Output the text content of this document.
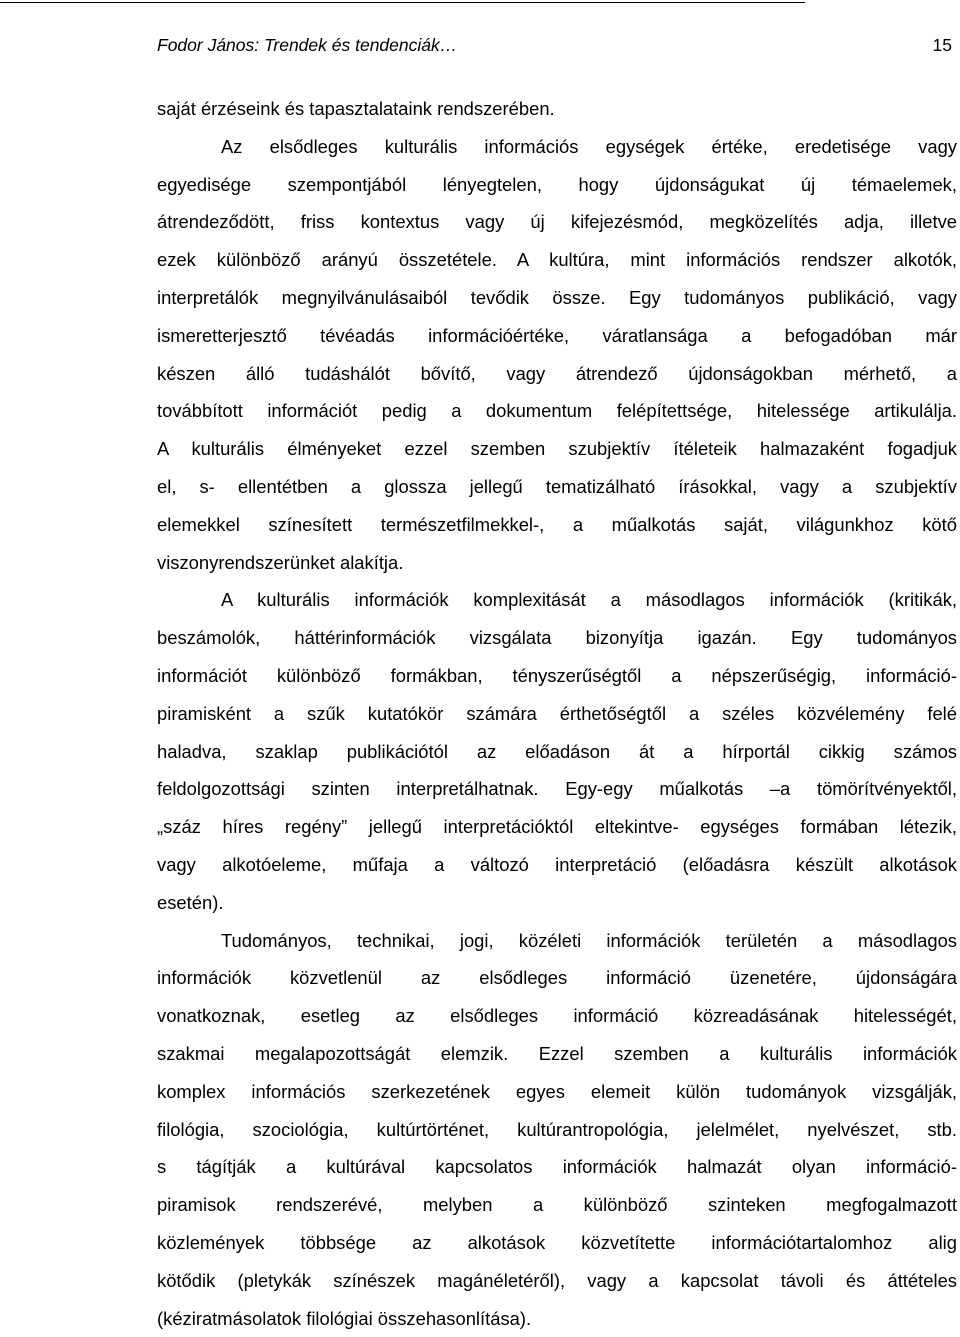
Fodor János: Trendek és tendenciák…	15
saját érzéseink és tapasztalataink rendszerében.
Az elsődleges kulturális információs egységek értéke, eredetisége vagy
egyedisége szempontjából lényegtelen, hogy újdonságukat új témaelemek,
átrendeződött, friss kontextus vagy új kifejezésmód, megközelítés adja, illetve
ezek különböző arányú összetétele. A kultúra, mint információs rendszer alkotók,
interpretálók megnyilvánulásaiból tevődik össze. Egy tudományos publikáció, vagy
ismeretterjesztő tévéadás információértéke, váratlansága a befogadóban már
készen álló tudáshálót bővítő, vagy átrendező újdonságokban mérhető, a
továbbított információt pedig a dokumentum felépítettsége, hitelessége artikulálja.
A kulturális élményeket ezzel szemben szubjektív ítéleteik halmazaként fogadjuk
el, s- ellentétben a glossza jellegű tematizálható írásokkal, vagy a szubjektív
elemekkel színesített természetfilmekkel-, a műalkotás saját, világunkhoz kötő
viszonyrendszerünket alakítja.
A kulturális információk komplexitását a másodlagos információk (kritikák,
beszámolók, háttérinformációk vizsgálata bizonyítja igazán. Egy tudományos
információt különböző formákban, tényszerűségtől a népszerűségig, információ-
piramisként a szűk kutatókör számára érthetőségtől a széles közvélemény felé
haladva, szaklap publikációtól az előadáson át a hírportál cikkig számos
feldolgozottsági szinten interpretálhatnak. Egy-egy műalkotás –a tömörítvényektől,
„száz híres regény” jellegű interpretációktól eltekintve- egységes formában létezik,
vagy alkotóeleme, műfaja a változó interpretáció (előadásra készült alkotások
esetén).
Tudományos, technikai, jogi, közéleti információk területén a másodlagos
információk közvetlenül az elsődleges információ üzenetére, újdonságára
vonatkoznak, esetleg az elsődleges információ közreadásának hitelességét,
szakmai megalapozottságát elemzik. Ezzel szemben a kulturális információk
komplex információs szerkezetének egyes elemeit külön tudományok vizsgálják,
filológia, szociológia, kultúrtörténet, kultúrantropológia, jelelmélet, nyelvészet, stb.
s tágítják a kultúrával kapcsolatos információk halmazát olyan információ-
piramisok rendszerévé, melyben a különböző szinteken megfogalmazott
közlemények többsége az alkotások közvetítette információtartalomhoz alig
kötődik (pletykák színészek magánéletéről), vagy a kapcsolat távoli és áttételes
(kéziratmásolatok filológiai összehasonlítása).
